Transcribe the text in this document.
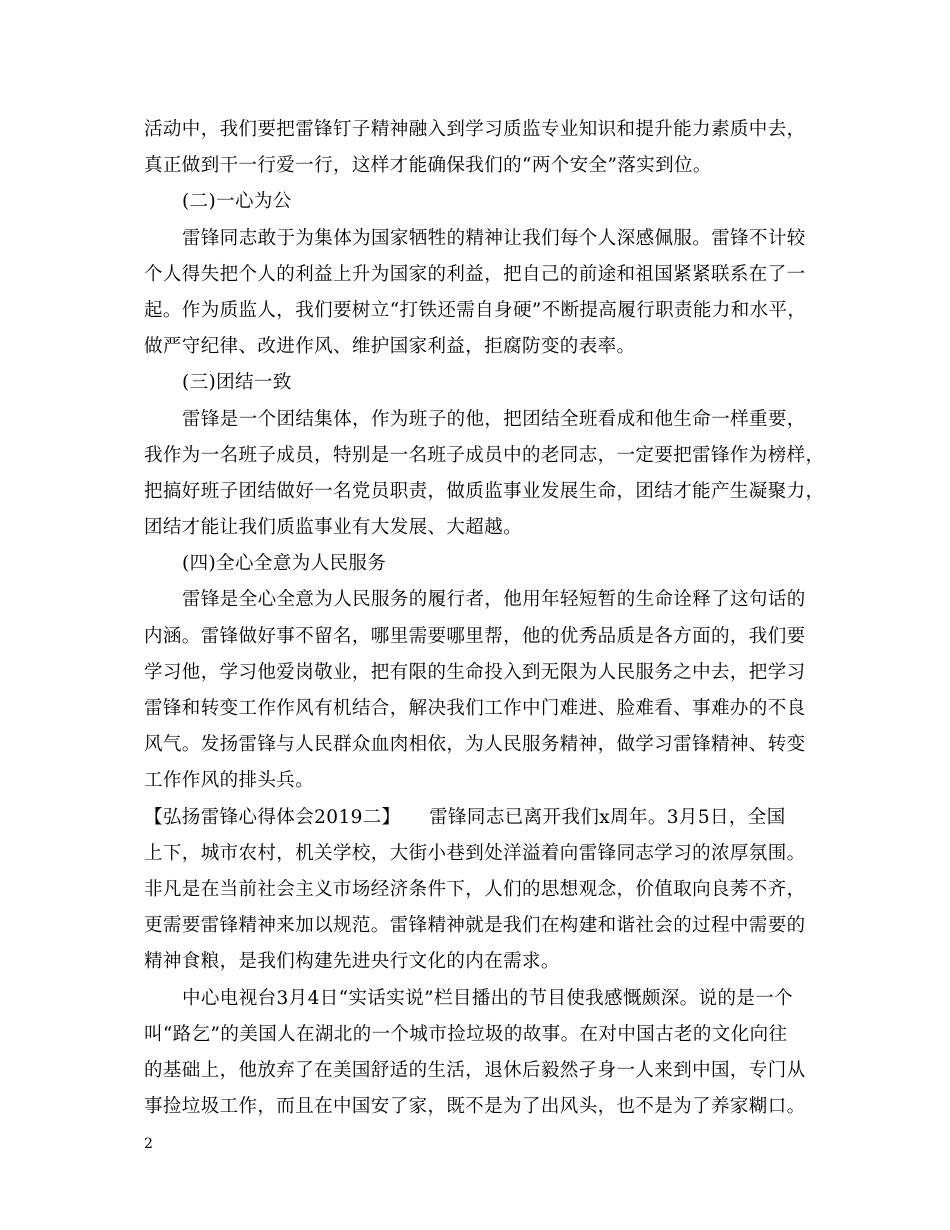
活动中，我们要把雷锋钉子精神融入到学习质监专业知识和提升能力素质中去，
真正做到干一行爱一行，这样才能确保我们的“两个安全”落实到位。
(二)一心为公
雷锋同志敢于为集体为国家牺牲的精神让我们每个人深感佩服。雷锋不计较
个人得失把个人的利益上升为国家的利益，把自己的前途和祖国紧紧联系在了一
起。作为质监人，我们要树立“打铁还需自身硬”不断提高履行职责能力和水平，
做严守纪律、改进作风、维护国家利益，拒腐防变的表率。
(三)团结一致
雷锋是一个团结集体，作为班子的他，把团结全班看成和他生命一样重要，
我作为一名班子成员，特别是一名班子成员中的老同志，一定要把雷锋作为榜样，
把搞好班子团结做好一名党员职责，做质监事业发展生命，团结才能产生凝聚力，
团结才能让我们质监事业有大发展、大超越。
(四)全心全意为人民服务
雷锋是全心全意为人民服务的履行者，他用年轻短暂的生命诠释了这句话的
内涵。雷锋做好事不留名，哪里需要哪里帮，他的优秀品质是各方面的，我们要
学习他，学习他爱岗敬业，把有限的生命投入到无限为人民服务之中去，把学习
雷锋和转变工作作风有机结合，解决我们工作中门难进、脸难看、事难办的不良
风气。发扬雷锋与人民群众血肉相依，为人民服务精神，做学习雷锋精神、转变
工作作风的排头兵。
【弘扬雷锋心得体会2019二】　　雷锋同志已离开我们x周年。3月5日，全国
上下，城市农村，机关学校，大街小巷到处洋溢着向雷锋同志学习的浓厚氛围。
非凡是在当前社会主义市场经济条件下，人们的思想观念，价值取向良莠不齐，
更需要雷锋精神来加以规范。雷锋精神就是我们在构建和谐社会的过程中需要的
精神食粮，是我们构建先进央行文化的内在需求。
中心电视台3月4日“实话实说”栏目播出的节目使我感慨颇深。说的是一个
叫“路乞”的美国人在湖北的一个城市捡垃圾的故事。在对中国古老的文化向往
的基础上，他放弃了在美国舒适的生活，退休后毅然孑身一人来到中国，专门从
事捡垃圾工作，而且在中国安了家，既不是为了出风头，也不是为了养家糊口。
2
